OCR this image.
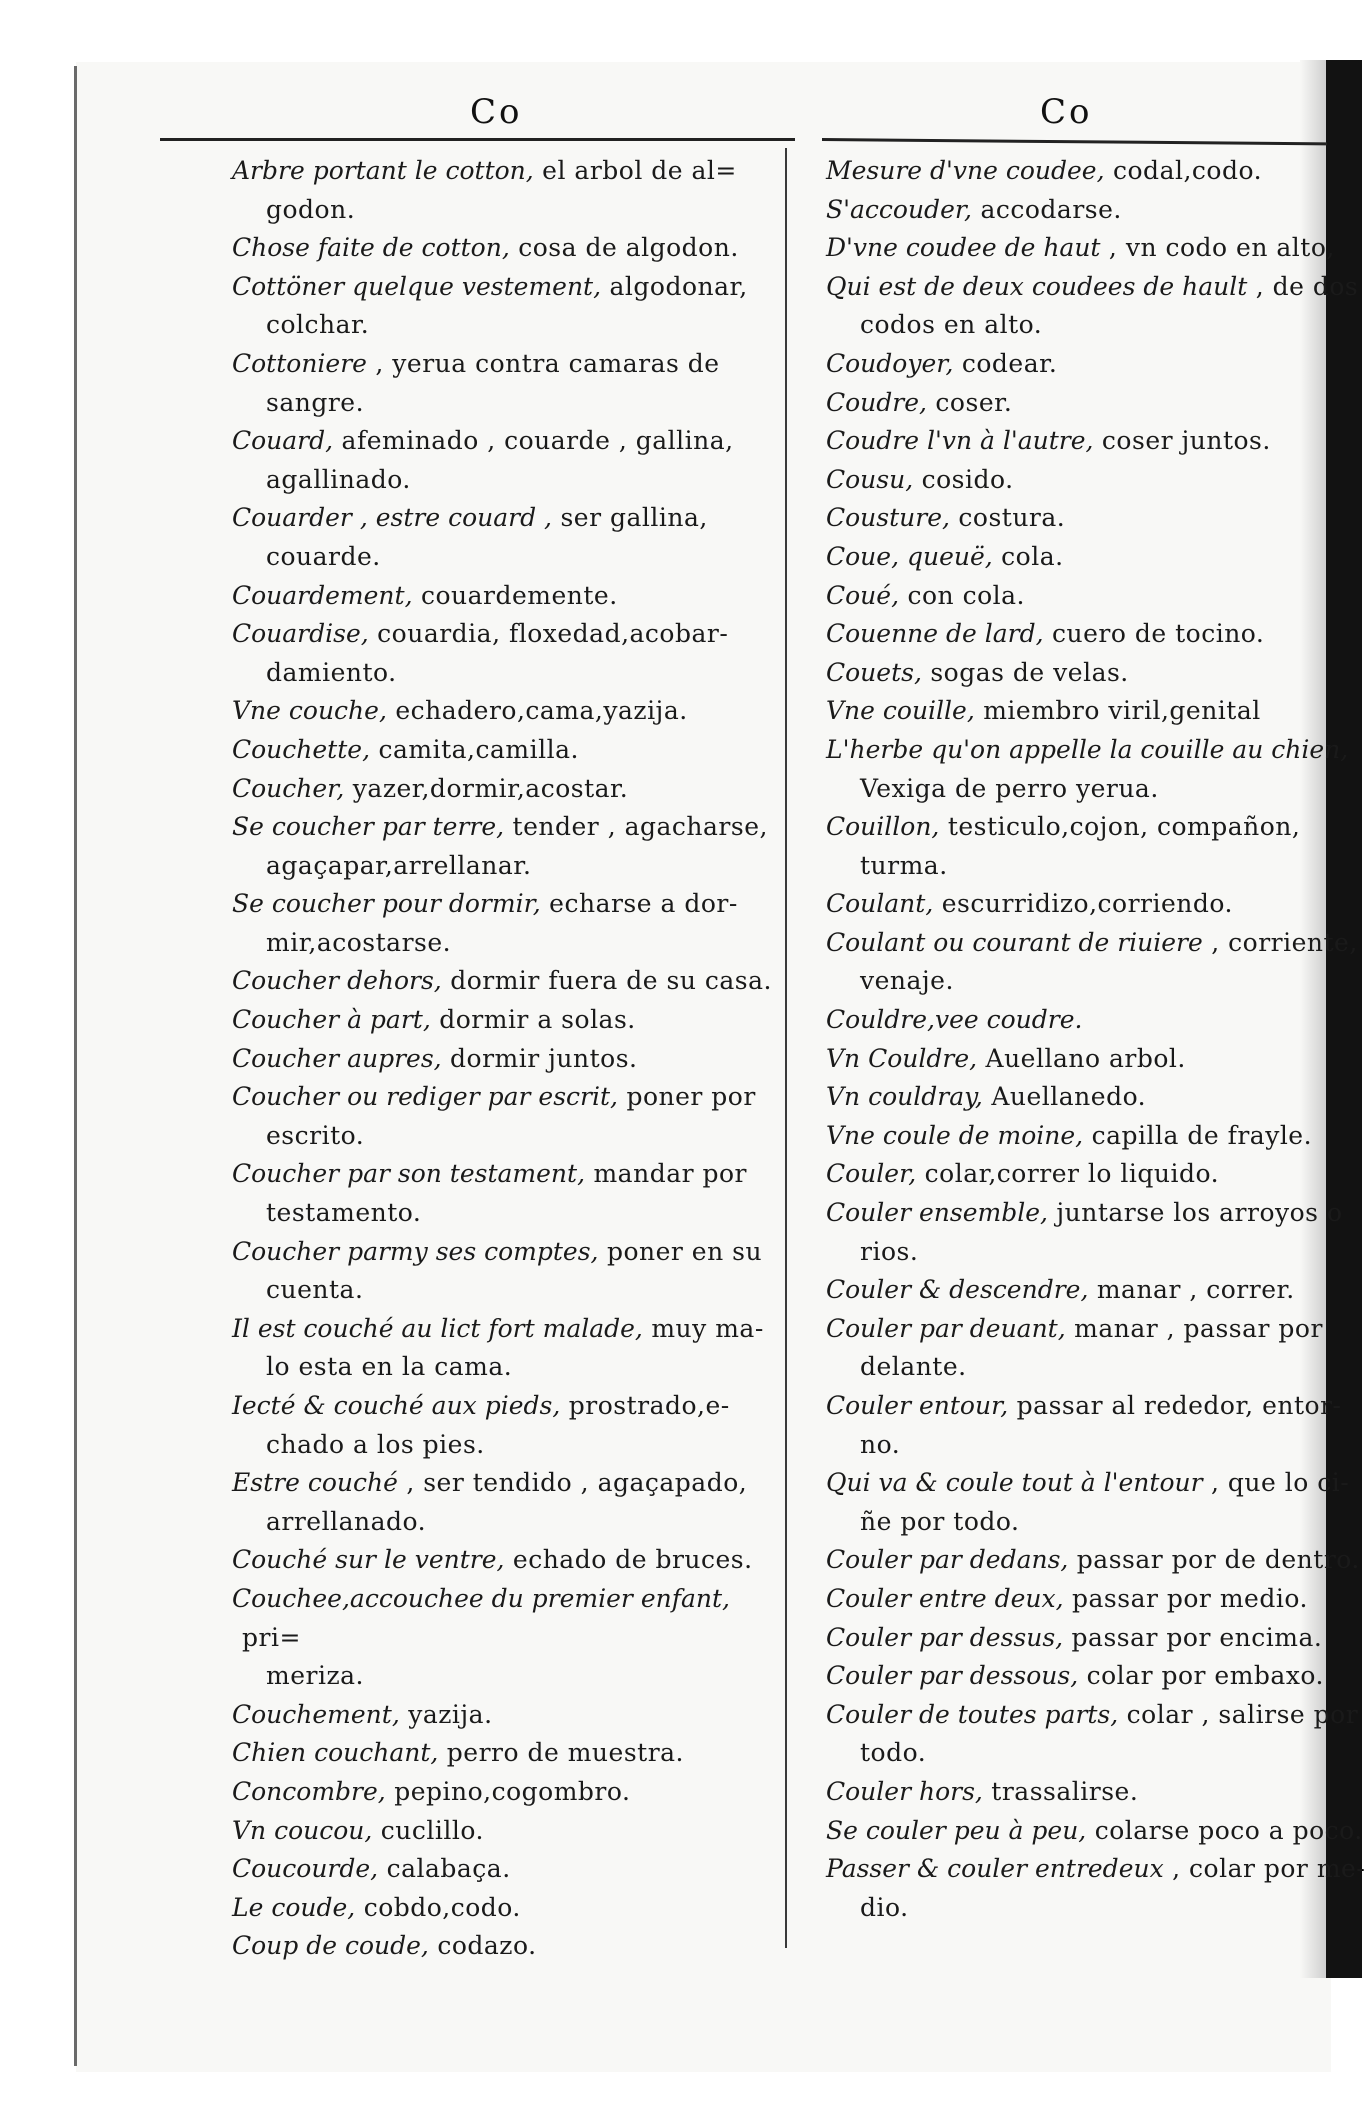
Co	Co
Arbre portant le cotton, el arbol de al=
godon.
Chose faite de cotton, cosa de algodon.
Cottöner quelque vestement, algodonar,
colchar.
Cottoniere , yerua contra camaras de
sangre.
Couard, afeminado , couarde , gallina,
agallinado.
Couarder , estre couard , ser gallina,
couarde.
Couardement, couardemente.
Couardise, couardia, floxedad,acobar-
damiento.
Vne couche, echadero,cama,yazija.
Couchette, camita,camilla.
Coucher, yazer,dormir,acostar.
Se coucher par terre, tender , agacharse,
agaçapar,arrellanar.
Se coucher pour dormir, echarse a dor-
mir,acostarse.
Coucher dehors, dormir fuera de su casa.
Coucher à part, dormir a solas.
Coucher aupres, dormir juntos.
Coucher ou rediger par escrit, poner por
escrito.
Coucher par son testament, mandar por
testamento.
Coucher parmy ses comptes, poner en su
cuenta.
Il est couché au lict fort malade, muy ma-
lo esta en la cama.
Iecté & couché aux pieds, prostrado,e-
chado a los pies.
Estre couché , ser tendido , agaçapado,
arrellanado.
Couché sur le ventre, echado de bruces.
Couchee,accouchee du premier enfant, pri=
meriza.
Couchement, yazija.
Chien couchant, perro de muestra.
Concombre, pepino,cogombro.
Vn coucou, cuclillo.
Coucourde, calabaça.
Le coude, cobdo,codo.
Coup de coude, codazo.
Mesure d'vne coudee, codal,codo.
S'accouder, accodarse.
D'vne coudee de haut , vn codo en alto,
Qui est de deux coudees de hault , de dos
codos en alto.
Coudoyer, codear.
Coudre, coser.
Coudre l'vn à l'autre, coser juntos.
Cousu, cosido.
Cousture, costura.
Coue, queuë, cola.
Coué, con cola.
Couenne de lard, cuero de tocino.
Couets, sogas de velas.
Vne couille, miembro viril,genital
L'herbe qu'on appelle la couille au chien,
Vexiga de perro yerua.
Couillon, testiculo,cojon, compañon,
turma.
Coulant, escurridizo,corriendo.
Coulant ou courant de riuiere , corriente,
venaje.
Couldre,vee coudre.
Vn Couldre, Auellano arbol.
Vn couldray, Auellanedo.
Vne coule de moine, capilla de frayle.
Couler, colar,correr lo liquido.
Couler ensemble, juntarse los arroyos o
rios.
Couler & descendre, manar , correr.
Couler par deuant, manar , passar por
delante.
Couler entour, passar al rededor, entor-
no.
Qui va & coule tout à l'entour , que lo ci-
ñe por todo.
Couler par dedans, passar por de dentro.
Couler entre deux, passar por medio.
Couler par dessus, passar por encima.
Couler par dessous, colar por embaxo.
Couler de toutes parts, colar , salirse por
todo.
Couler hors, trassalirse.
Se couler peu à peu, colarse poco a poco.
Passer & couler entredeux , colar por me-
dio.
